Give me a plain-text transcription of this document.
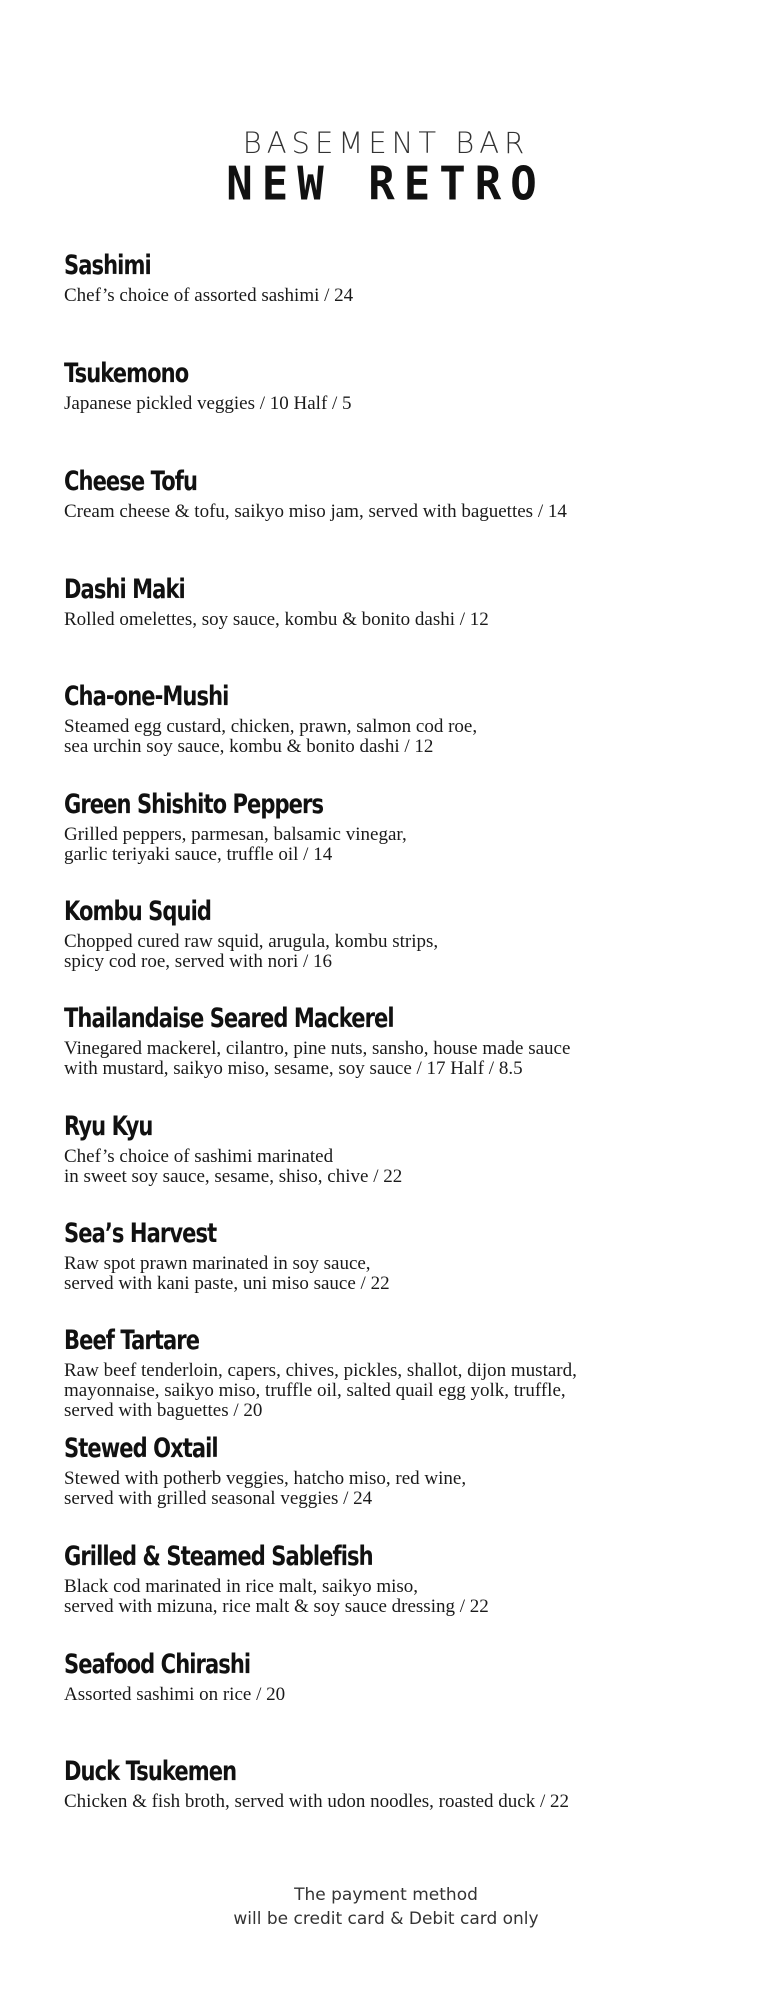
BASEMENT BAR
NEW RETRO
Sashimi
Chef’s choice of assorted sashimi / 24
Tsukemono
Japanese pickled veggies / 10 Half / 5
Cheese Tofu
Cream cheese & tofu, saikyo miso jam, served with baguettes / 14
Dashi Maki
Rolled omelettes, soy sauce, kombu & bonito dashi / 12
Cha-one-Mushi
Steamed egg custard, chicken, prawn, salmon cod roe,
sea urchin soy sauce, kombu & bonito dashi / 12
Green Shishito Peppers
Grilled peppers, parmesan, balsamic vinegar,
garlic teriyaki sauce, truffle oil / 14
Kombu Squid
Chopped cured raw squid, arugula, kombu strips,
spicy cod roe, served with nori / 16
Thailandaise Seared Mackerel
Vinegared mackerel, cilantro, pine nuts, sansho, house made sauce
with mustard, saikyo miso, sesame, soy sauce / 17 Half / 8.5
Ryu Kyu
Chef’s choice of sashimi marinated
in sweet soy sauce, sesame, shiso, chive / 22
Sea’s Harvest
Raw spot prawn marinated in soy sauce,
served with kani paste, uni miso sauce / 22
Beef Tartare
Raw beef tenderloin, capers, chives, pickles, shallot, dijon mustard,
mayonnaise, saikyo miso, truffle oil, salted quail egg yolk, truffle,
served with baguettes / 20
Stewed Oxtail
Stewed with potherb veggies, hatcho miso, red wine,
served with grilled seasonal veggies / 24
Grilled & Steamed Sablefish
Black cod marinated in rice malt, saikyo miso,
served with mizuna, rice malt & soy sauce dressing / 22
Seafood Chirashi
Assorted sashimi on rice / 20
Duck Tsukemen
Chicken & fish broth, served with udon noodles, roasted duck / 22
The payment method
will be credit card & Debit card only
